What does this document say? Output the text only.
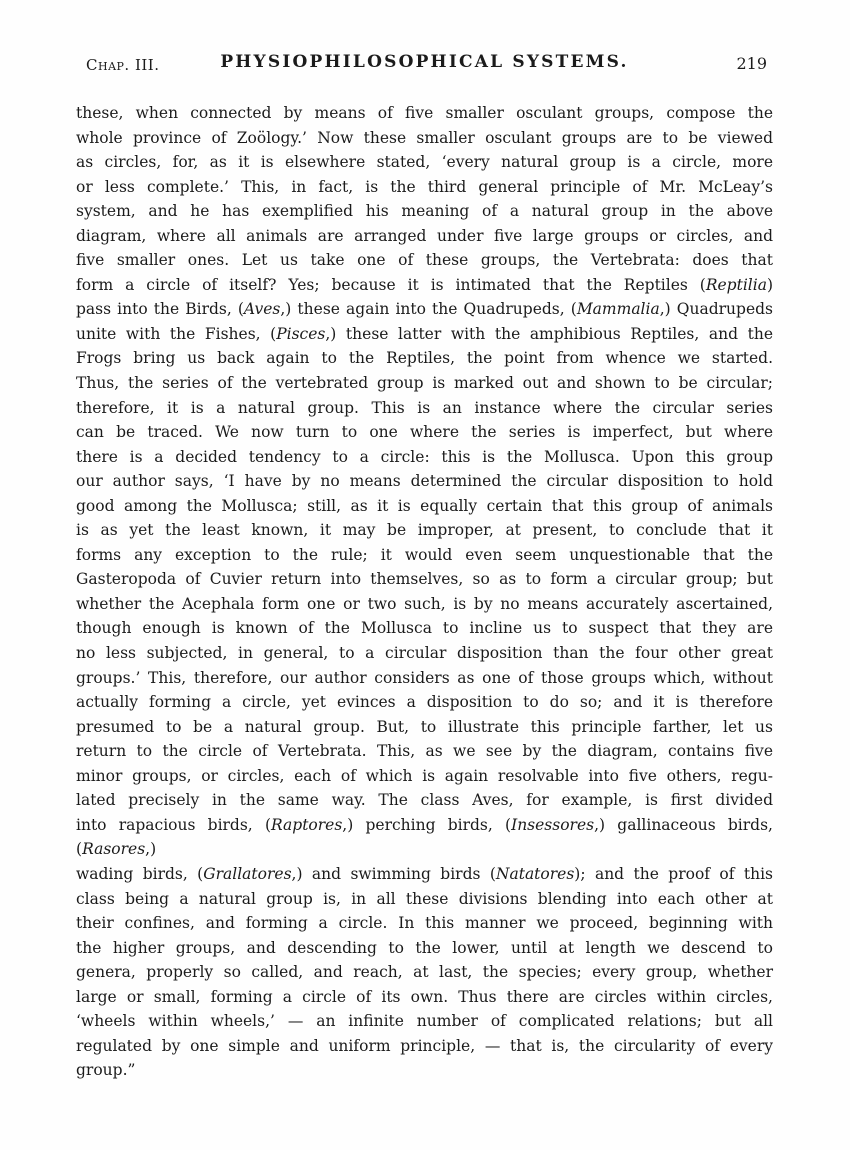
Chap. III.	PHYSIOPHILOSOPHICAL SYSTEMS.	219
these, when connected by means of five smaller osculant groups, compose the
whole province of Zoölogy.’ Now these smaller osculant groups are to be viewed
as circles, for, as it is elsewhere stated, ‘every natural group is a circle, more
or less complete.’ This, in fact, is the third general principle of Mr. McLeay’s
system, and he has exemplified his meaning of a natural group in the above
diagram, where all animals are arranged under five large groups or circles, and
five smaller ones. Let us take one of these groups, the Vertebrata: does that
form a circle of itself? Yes; because it is intimated that the Reptiles (Reptilia)
pass into the Birds, (Aves,) these again into the Quadrupeds, (Mammalia,) Quadrupeds
unite with the Fishes, (Pisces,) these latter with the amphibious Reptiles, and the
Frogs bring us back again to the Reptiles, the point from whence we started.
Thus, the series of the vertebrated group is marked out and shown to be circular;
therefore, it is a natural group. This is an instance where the circular series
can be traced. We now turn to one where the series is imperfect, but where
there is a decided tendency to a circle: this is the Mollusca. Upon this group
our author says, ‘I have by no means determined the circular disposition to hold
good among the Mollusca; still, as it is equally certain that this group of animals
is as yet the least known, it may be improper, at present, to conclude that it
forms any exception to the rule; it would even seem unquestionable that the
Gasteropoda of Cuvier return into themselves, so as to form a circular group; but
whether the Acephala form one or two such, is by no means accurately ascertained,
though enough is known of the Mollusca to incline us to suspect that they are
no less subjected, in general, to a circular disposition than the four other great
groups.’ This, therefore, our author considers as one of those groups which, without
actually forming a circle, yet evinces a disposition to do so; and it is therefore
presumed to be a natural group. But, to illustrate this principle farther, let us
return to the circle of Vertebrata. This, as we see by the diagram, contains five
minor groups, or circles, each of which is again resolvable into five others, regu-
lated precisely in the same way. The class Aves, for example, is first divided
into rapacious birds, (Raptores,) perching birds, (Insessores,) gallinaceous birds, (Rasores,)
wading birds, (Grallatores,) and swimming birds (Natatores); and the proof of this
class being a natural group is, in all these divisions blending into each other at
their confines, and forming a circle. In this manner we proceed, beginning with
the higher groups, and descending to the lower, until at length we descend to
genera, properly so called, and reach, at last, the species; every group, whether
large or small, forming a circle of its own. Thus there are circles within circles,
‘wheels within wheels,’ — an infinite number of complicated relations; but all
regulated by one simple and uniform principle, — that is, the circularity of every
group.”
